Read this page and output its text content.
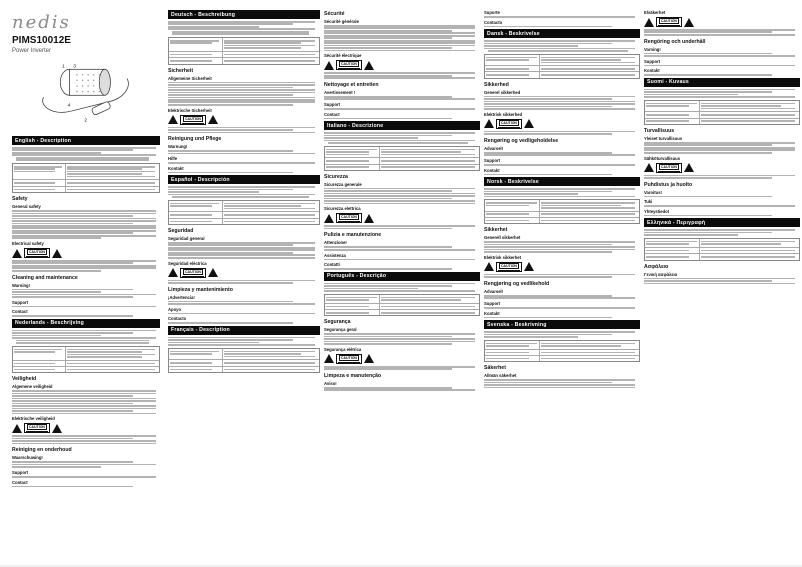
nedis
PIMS10012E
Power Inverter
1 3
4
2
English - Description
Safety
General safety
Electrical safety
CAUTION
Cleaning and maintenance
Warning!
Support
Contact
Nederlands - Beschrijving
Veiligheid
Algemene veiligheid
Elektrische veiligheid
CAUTION
Reiniging en onderhoud
Waarschuwing!
Support
Contact
Deutsch - Beschreibung
Sicherheit
Allgemeine Sicherheit
Elektrische Sicherheit
CAUTION
Reinigung und Pflege
Warnung!
Hilfe
Kontakt
Español - Descripción
Seguridad
Seguridad general
Seguridad eléctrica
CAUTION
Limpieza y mantenimiento
¡Advertencia!
Apoyo
Contacto
Français - Description
Sécurité
Sécurité générale
Sécurité électrique
CAUTION
Nettoyage et entretien
Avertissement !
Support
Contact
Italiano - Descrizione
Sicurezza
Sicurezza generale
Sicurezza elettrica
CAUTION
Pulizia e manutenzione
Attenzione!
Assistenza
Contatti
Português - Descrição
Segurança
Segurança geral
Segurança elétrica
CAUTION
Limpeza e manutenção
Aviso!
Suporte
Contacto
Dansk - Beskrivelse
Sikkerhed
Generel sikkerhed
Elektrisk sikkerhed
CAUTION
Rengøring og vedligeholdelse
Advarsel!
Support
Kontakt
Norsk - Beskrivelse
Sikkerhet
Generell sikkerhet
Elektrisk sikkerhet
CAUTION
Rengjøring og vedlikehold
Advarsel!
Support
Kontakt
Svenska - Beskrivning
Säkerhet
Allmän säkerhet
Elsäkerhet
CAUTION
Rengöring och underhåll
Varning!
Support
Kontakt
Suomi - Kuvaus
Turvallisuus
Yleiset turvallisuus
Sähköturvallisuus
CAUTION
Puhdistus ja huolto
Varoitus!
Tuki
Yhteystiedot
Ελληνικά - Περιγραφή
Ασφάλεια
Γενική ασφάλεια
